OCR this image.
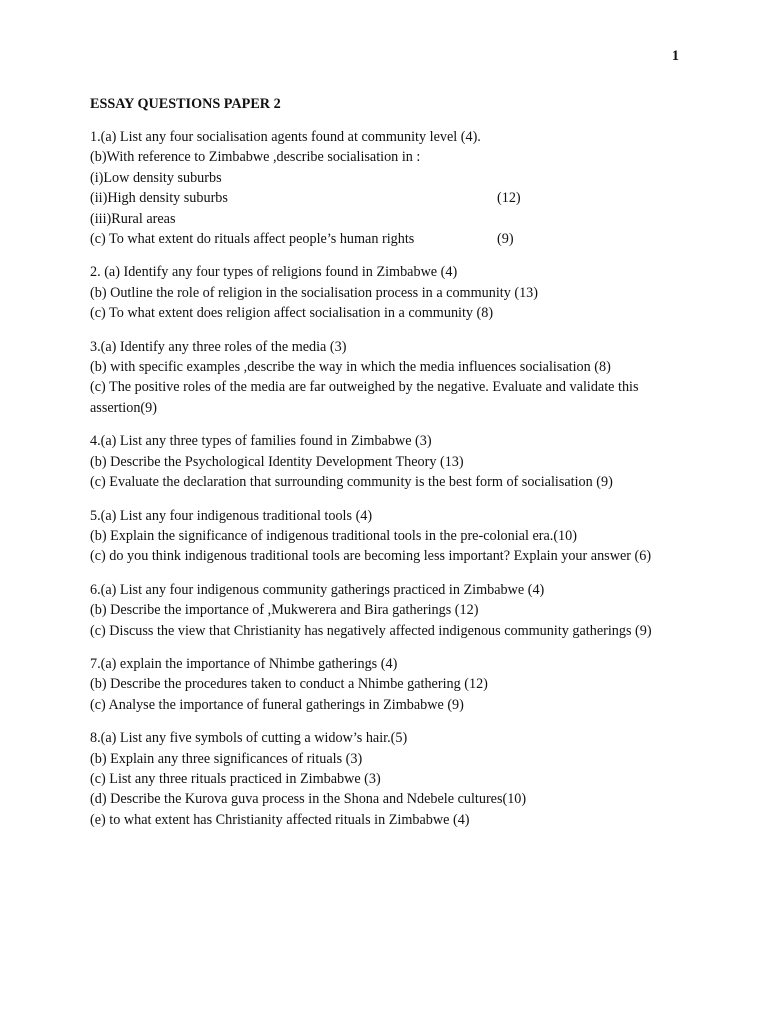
1
ESSAY QUESTIONS PAPER 2
1.(a) List any four socialisation agents found at community level (4).
(b)With reference to Zimbabwe ,describe socialisation in :
(i)Low density suburbs
(ii)High density suburbs	(12)
(iii)Rural areas
(c) To what extent do rituals affect people’s human rights	(9)
2. (a) Identify any four types of religions found in Zimbabwe (4)
(b) Outline the role of religion in the socialisation process in a community (13)
(c) To what extent does religion affect socialisation in a community (8)
3.(a) Identify any three roles of the media (3)
(b) with specific examples ,describe the way in which the media influences socialisation (8)
(c) The positive roles of the media are far outweighed by the negative. Evaluate and validate this assertion(9)
4.(a) List any three types of families found in Zimbabwe (3)
(b) Describe the Psychological Identity Development Theory (13)
(c) Evaluate the declaration that surrounding community is the best form of socialisation (9)
5.(a) List any four indigenous traditional tools (4)
(b) Explain the significance of indigenous traditional tools in the pre-colonial era.(10)
(c) do you think indigenous traditional tools are becoming less important? Explain your answer (6)
6.(a) List any four indigenous community gatherings practiced in Zimbabwe (4)
(b) Describe the importance of ,Mukwerera and Bira gatherings (12)
(c) Discuss the view that Christianity has negatively affected indigenous community gatherings (9)
7.(a) explain the importance of Nhimbe gatherings (4)
(b) Describe the procedures taken to conduct a Nhimbe gathering (12)
(c) Analyse the importance of funeral gatherings in Zimbabwe (9)
8.(a) List any five symbols of cutting a widow’s hair.(5)
(b) Explain any three significances of rituals (3)
(c) List any three rituals practiced in Zimbabwe (3)
(d) Describe the Kurova guva process in the Shona and Ndebele cultures(10)
(e) to what extent has Christianity affected rituals in Zimbabwe (4)
